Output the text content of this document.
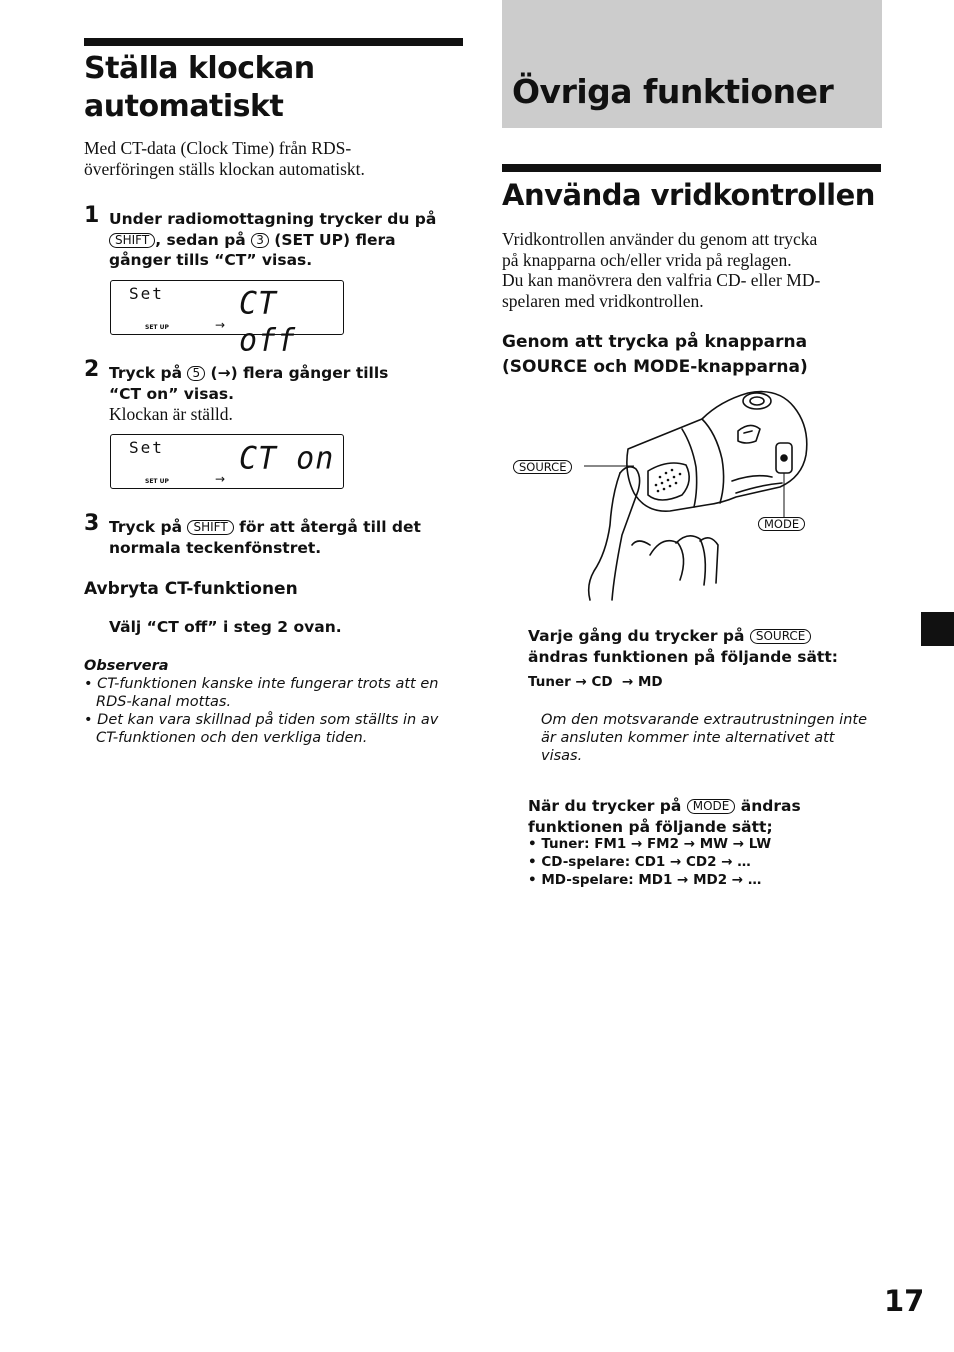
Ställa klockan
automatiskt
Med CT-data (Clock Time) från RDS-
överföringen ställs klockan automatiskt.
1 Under radiomottagning trycker du på
SHIFT , sedan på 3 (SET UP) flera
gånger tills “CT” visas.
Set	CT off
SET UP	→
2 Tryck på 5 (→) flera gånger tills
“CT on” visas.
Klockan är ställd.
Set	CT on
SET UP	→
3 Tryck på SHIFT för att återgå till det
normala teckenfönstret.
Avbryta CT-funktionen
Välj “CT off” i steg 2 ovan.
Observera
• CT-funktionen kanske inte fungerar trots att en
RDS-kanal mottas.
• Det kan vara skillnad på tiden som ställts in av
CT-funktionen och den verkliga tiden.
Övriga funktioner
Använda vridkontrollen
Vridkontrollen använder du genom att trycka
på knapparna och/eller vrida på reglagen.
Du kan manövrera den valfria CD- eller MD-
spelaren med vridkontrollen.
Genom att trycka på knapparna
(SOURCE och MODE-knapparna)
SOURCE
MODE
Varje gång du trycker på SOURCE
ändras funktionen på följande sätt:
Tuner → CD  → MD
Om den motsvarande extrautrustningen inte
är ansluten kommer inte alternativet att
visas.
När du trycker på MODE ändras
funktionen på följande sätt;
• Tuner: FM1 → FM2 → MW → LW
• CD-spelare: CD1 → CD2 → …
• MD-spelare: MD1 → MD2 → …
17
